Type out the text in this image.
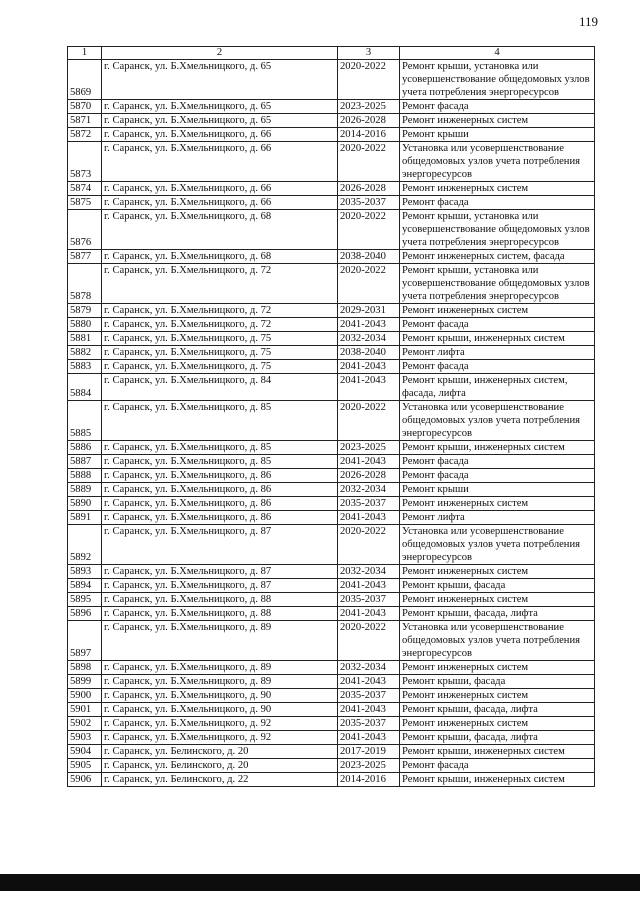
119
1	2	3	4
5869	г. Саранск, ул. Б.Хмельницкого, д. 65	2020-2022	Ремонт крыши, установка или усовершенствование общедомовых узлов учета потребления энергоресурсов
5870	г. Саранск, ул. Б.Хмельницкого, д. 65	2023-2025	Ремонт фасада
5871	г. Саранск, ул. Б.Хмельницкого, д. 65	2026-2028	Ремонт инженерных систем
5872	г. Саранск, ул. Б.Хмельницкого, д. 66	2014-2016	Ремонт крыши
5873	г. Саранск, ул. Б.Хмельницкого, д. 66	2020-2022	Установка или усовершенствование общедомовых узлов учета потребления энергоресурсов
5874	г. Саранск, ул. Б.Хмельницкого, д. 66	2026-2028	Ремонт инженерных систем
5875	г. Саранск, ул. Б.Хмельницкого, д. 66	2035-2037	Ремонт фасада
5876	г. Саранск, ул. Б.Хмельницкого, д. 68	2020-2022	Ремонт крыши, установка или усовершенствование общедомовых узлов учета потребления энергоресурсов
5877	г. Саранск, ул. Б.Хмельницкого, д. 68	2038-2040	Ремонт инженерных систем, фасада
5878	г. Саранск, ул. Б.Хмельницкого, д. 72	2020-2022	Ремонт крыши, установка или усовершенствование общедомовых узлов учета потребления энергоресурсов
5879	г. Саранск, ул. Б.Хмельницкого, д. 72	2029-2031	Ремонт инженерных систем
5880	г. Саранск, ул. Б.Хмельницкого, д. 72	2041-2043	Ремонт фасада
5881	г. Саранск, ул. Б.Хмельницкого, д. 75	2032-2034	Ремонт крыши, инженерных систем
5882	г. Саранск, ул. Б.Хмельницкого, д. 75	2038-2040	Ремонт лифта
5883	г. Саранск, ул. Б.Хмельницкого, д. 75	2041-2043	Ремонт фасада
5884	г. Саранск, ул. Б.Хмельницкого, д. 84	2041-2043	Ремонт крыши, инженерных систем, фасада, лифта
5885	г. Саранск, ул. Б.Хмельницкого, д. 85	2020-2022	Установка или усовершенствование общедомовых узлов учета потребления энергоресурсов
5886	г. Саранск, ул. Б.Хмельницкого, д. 85	2023-2025	Ремонт крыши, инженерных систем
5887	г. Саранск, ул. Б.Хмельницкого, д. 85	2041-2043	Ремонт фасада
5888	г. Саранск, ул. Б.Хмельницкого, д. 86	2026-2028	Ремонт фасада
5889	г. Саранск, ул. Б.Хмельницкого, д. 86	2032-2034	Ремонт крыши
5890	г. Саранск, ул. Б.Хмельницкого, д. 86	2035-2037	Ремонт инженерных систем
5891	г. Саранск, ул. Б.Хмельницкого, д. 86	2041-2043	Ремонт лифта
5892	г. Саранск, ул. Б.Хмельницкого, д. 87	2020-2022	Установка или усовершенствование общедомовых узлов учета потребления энергоресурсов
5893	г. Саранск, ул. Б.Хмельницкого, д. 87	2032-2034	Ремонт инженерных систем
5894	г. Саранск, ул. Б.Хмельницкого, д. 87	2041-2043	Ремонт крыши, фасада
5895	г. Саранск, ул. Б.Хмельницкого, д. 88	2035-2037	Ремонт инженерных систем
5896	г. Саранск, ул. Б.Хмельницкого, д. 88	2041-2043	Ремонт крыши, фасада, лифта
5897	г. Саранск, ул. Б.Хмельницкого, д. 89	2020-2022	Установка или усовершенствование общедомовых узлов учета потребления энергоресурсов
5898	г. Саранск, ул. Б.Хмельницкого, д. 89	2032-2034	Ремонт инженерных систем
5899	г. Саранск, ул. Б.Хмельницкого, д. 89	2041-2043	Ремонт крыши, фасада
5900	г. Саранск, ул. Б.Хмельницкого, д. 90	2035-2037	Ремонт инженерных систем
5901	г. Саранск, ул. Б.Хмельницкого, д. 90	2041-2043	Ремонт крыши, фасада, лифта
5902	г. Саранск, ул. Б.Хмельницкого, д. 92	2035-2037	Ремонт инженерных систем
5903	г. Саранск, ул. Б.Хмельницкого, д. 92	2041-2043	Ремонт крыши, фасада, лифта
5904	г. Саранск, ул. Белинского, д. 20	2017-2019	Ремонт крыши, инженерных систем
5905	г. Саранск, ул. Белинского, д. 20	2023-2025	Ремонт фасада
5906	г. Саранск, ул. Белинского, д. 22	2014-2016	Ремонт крыши, инженерных систем
